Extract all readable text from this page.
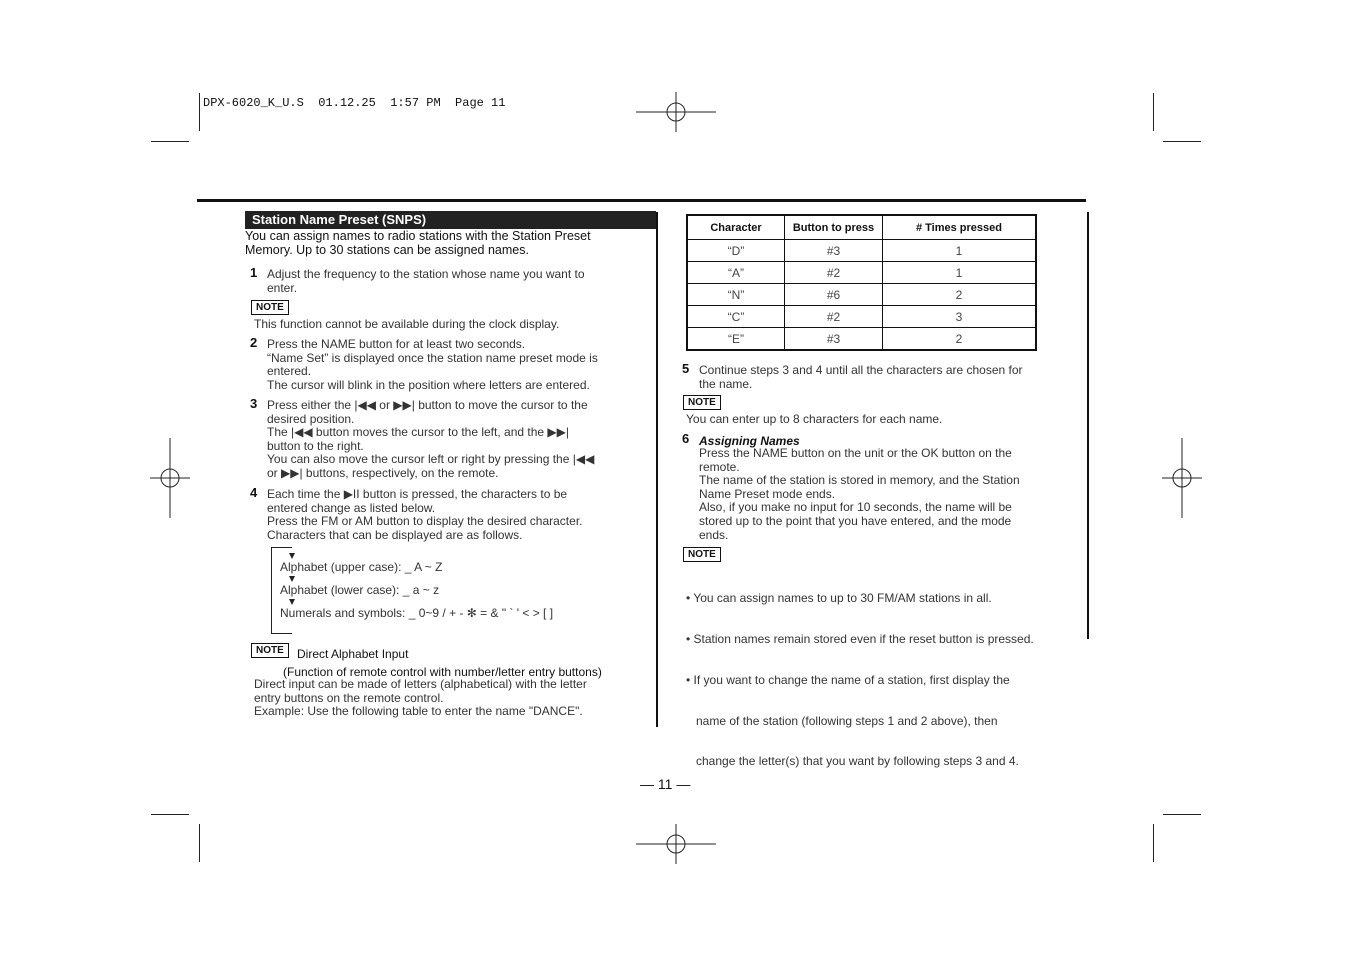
DPX-6020_K_U.S  01.12.25  1:57 PM  Page 11
Station Name Preset (SNPS)
You can assign names to radio stations with the Station Preset
Memory. Up to 30 stations can be assigned names.
1 Adjust the frequency to the station whose name you want to
enter.
NOTE
This function cannot be available during the clock display.
2 Press the NAME button for at least two seconds.
“Name Set” is displayed once the station name preset mode is
entered.
The cursor will blink in the position where letters are entered.
3 Press either the |◀◀ or ▶▶| button to move the cursor to the
desired position.
The |◀◀ button moves the cursor to the left, and the ▶▶|
button to the right.
You can also move the cursor left or right by pressing the |◀◀
or ▶▶| buttons, respectively, on the remote.
4 Each time the ▶II button is pressed, the characters to be
entered change as listed below.
Press the FM or AM button to display the desired character.
Characters that can be displayed are as follows.
Alphabet (upper case): _ A ~ Z
Alphabet (lower case): _ a ~ z
Numerals and symbols: _ 0~9 / + - ✻ = & " ` ' < > [ ]
NOTE	Direct Alphabet Input
(Function of remote control with number/letter entry buttons)
Direct input can be made of letters (alphabetical) with the letter
entry buttons on the remote control.
Example: Use the following table to enter the name "DANCE".
Character	Button to press	# Times pressed
“D”	#3	1
“A”	#2	1
“N”	#6	2
“C”	#2	3
“E”	#3	2
5 Continue steps 3 and 4 until all the characters are chosen for
the name.
NOTE
You can enter up to 8 characters for each name.
6 Assigning Names
Press the NAME button on the unit or the OK button on the
remote.
The name of the station is stored in memory, and the Station
Name Preset mode ends.
Also, if you make no input for 10 seconds, the name will be
stored up to the point that you have entered, and the mode
ends.
NOTE

• You can assign names to up to 30 FM/AM stations in all.

• Station names remain stored even if the reset button is pressed.

• If you want to change the name of a station, first display the

name of the station (following steps 1 and 2 above), then

change the letter(s) that you want by following steps 3 and 4.

— 11 —
